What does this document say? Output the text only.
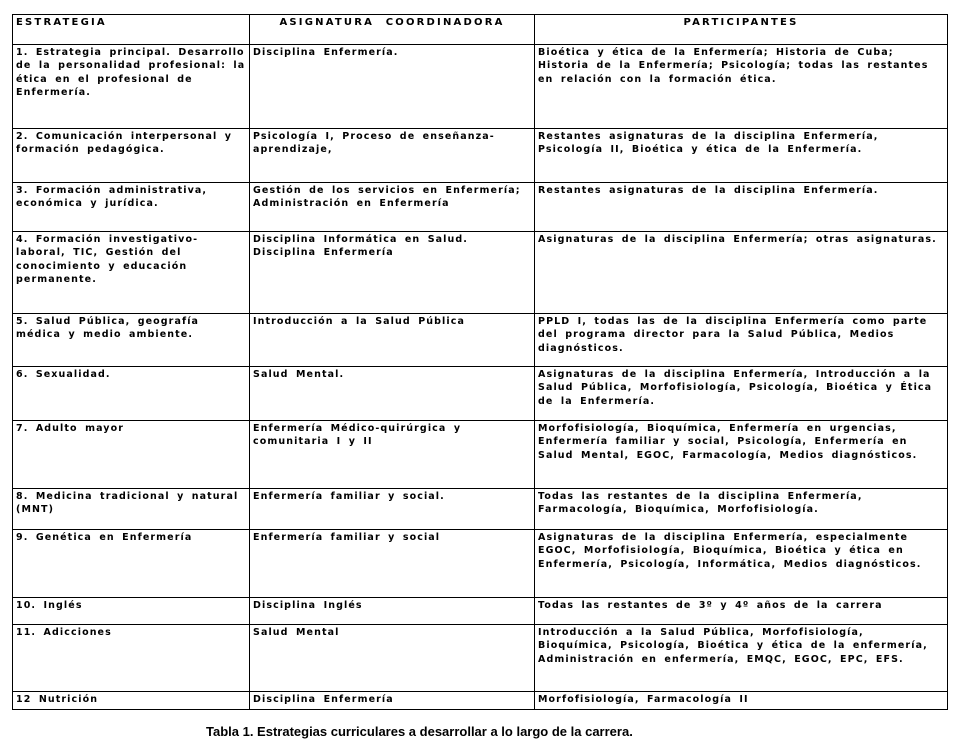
ESTRATEGIA	ASIGNATURA COORDINADORA	PARTICIPANTES
1. Estrategia principal. Desarrollo de la personalidad profesional: la ética en el profesional de Enfermería.	Disciplina Enfermería.	Bioética y ética de la Enfermería; Historia de Cuba; Historia de la Enfermería; Psicología; todas las restantes en relación con la formación ética.
2. Comunicación interpersonal y formación pedagógica.	Psicología I, Proceso de enseñanza-aprendizaje,	Restantes asignaturas de la disciplina Enfermería, Psicología II, Bioética y ética de la Enfermería.
3. Formación administrativa, económica y jurídica.	Gestión de los servicios en Enfermería; Administración en Enfermería	Restantes asignaturas de la disciplina Enfermería.
4. Formación investigativo-laboral, TIC, Gestión del conocimiento y educación permanente.	Disciplina Informática en Salud. Disciplina Enfermería	Asignaturas de la disciplina Enfermería; otras asignaturas.
5. Salud Pública, geografía médica y medio ambiente.	Introducción a la Salud Pública	PPLD I, todas las de la disciplina Enfermería como parte del programa director para la Salud Pública, Medios diagnósticos.
6. Sexualidad.	Salud Mental.	Asignaturas de la disciplina Enfermería, Introducción a la Salud Pública, Morfofisiología, Psicología, Bioética y Ética de la Enfermería.
7. Adulto mayor	Enfermería Médico-quirúrgica y comunitaria I y II	Morfofisiología, Bioquímica, Enfermería en urgencias, Enfermería familiar y social, Psicología, Enfermería en Salud Mental, EGOC, Farmacología, Medios diagnósticos.
8. Medicina tradicional y natural (MNT)	Enfermería familiar y social.	Todas las restantes de la disciplina Enfermería, Farmacología, Bioquímica, Morfofisiología.
9. Genética en Enfermería	Enfermería familiar y social	Asignaturas de la disciplina Enfermería, especialmente EGOC, Morfofisiología, Bioquímica, Bioética y ética en Enfermería, Psicología, Informática, Medios diagnósticos.
10. Inglés	Disciplina Inglés	Todas las restantes de 3º y 4º años de la carrera
11. Adicciones	Salud Mental	Introducción a la Salud Pública, Morfofisiología, Bioquímica, Psicología, Bioética y ética de la enfermería, Administración en enfermería, EMQC, EGOC, EPC, EFS.
12 Nutrición	Disciplina Enfermería	Morfofisiología, Farmacología II
Tabla 1. Estrategias curriculares a desarrollar a lo largo de la carrera.
